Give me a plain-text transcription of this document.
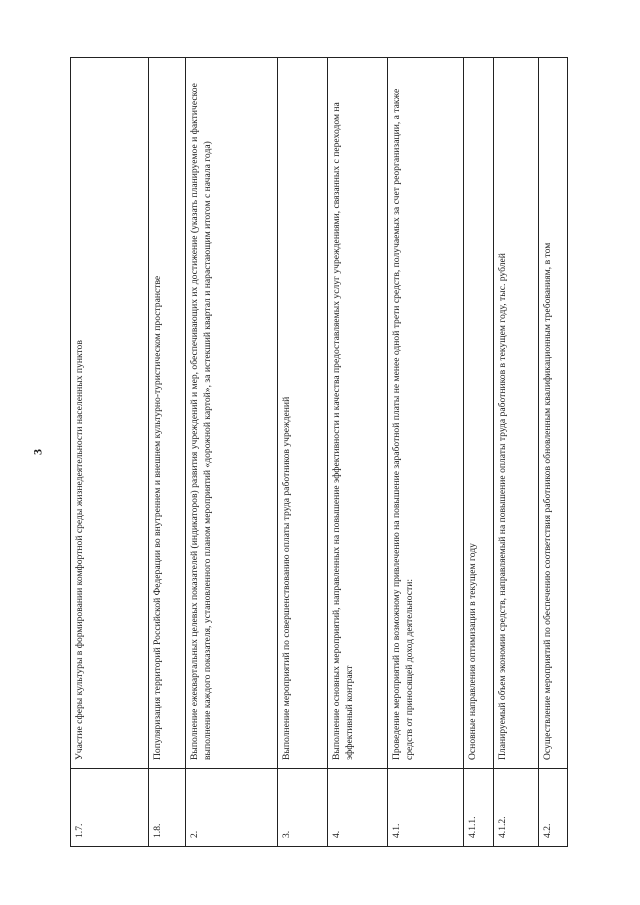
3
1.7.	Участие сферы культуры в формировании комфортной среды жизнедеятельности населенных пунктов
1.8.	Популяризация территорий Российской Федерации во внутреннем и внешнем культурно-туристическом пространстве
2.	Выполнение ежеквартальных целевых показателей (индикаторов) развития учреждений и мер, обеспечивающих их достижение (указать планируемое и фактическое выполнение каждого показателя, установленного планом мероприятий «дорожной картой», за истекший квартал и нарастающим итогом с начала года)
3.	Выполнение мероприятий по совершенствованию оплаты труда работников учреждений
4.	Выполнение основных мероприятий, направленных на повышение эффективности и качества предоставляемых услуг учреждениями, связанных с переходом на эффективный контракт
4.1.	Проведение мероприятий по возможному привлечению на повышение заработной платы не менее одной трети средств, получаемых за счет реорганизации, а также средств от приносящей доход деятельности:
4.1.1.	Основные направления оптимизации в текущем году
4.1.2.	Планируемый объем экономии средств, направляемый на повышение оплаты труда работников в текущем году, тыс. рублей
4.2.	Осуществление мероприятий по обеспечению соответствия работников обновленным квалификационным требованиям, в том
